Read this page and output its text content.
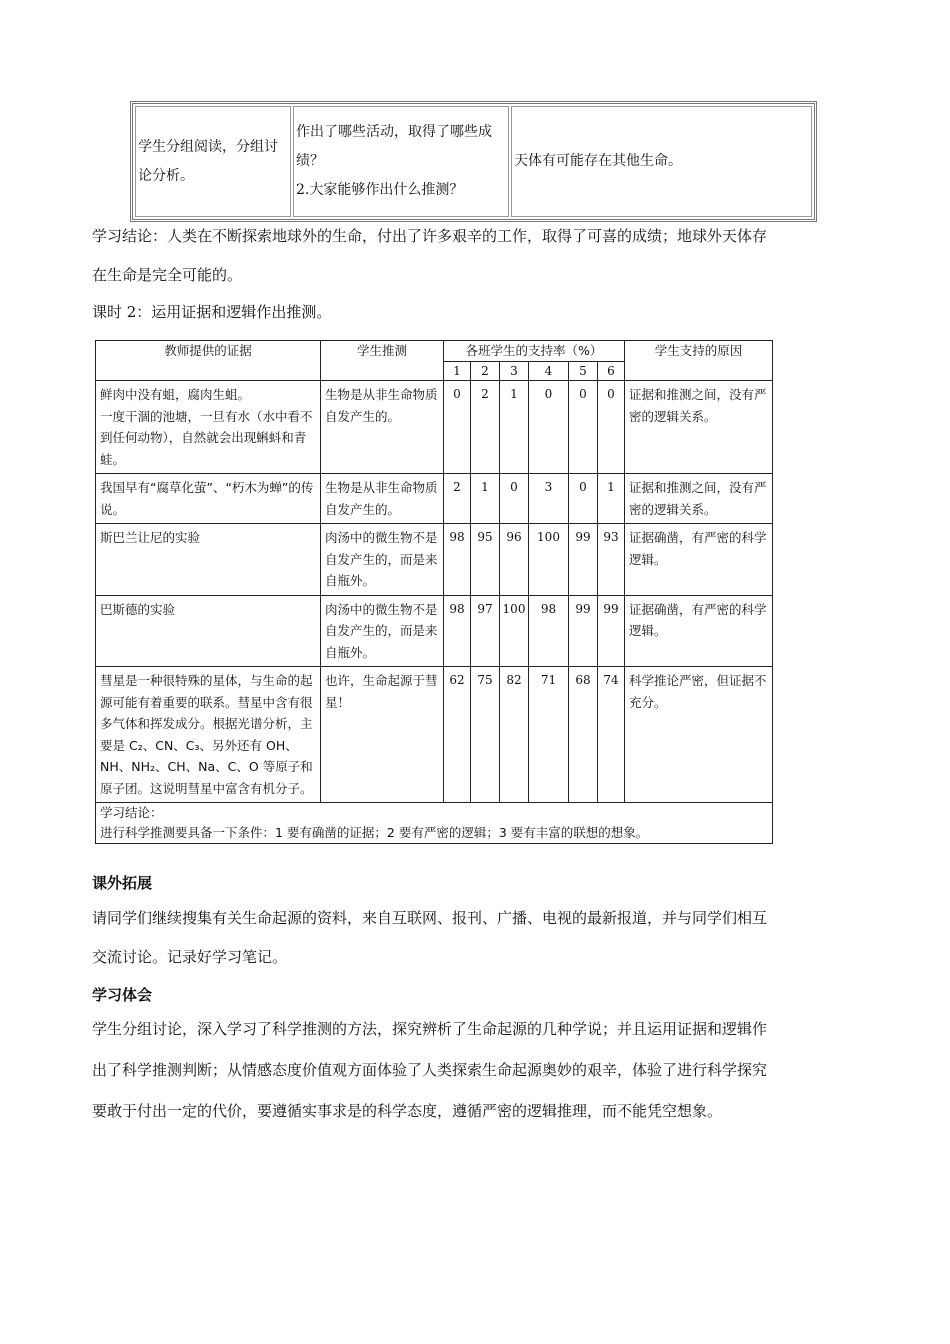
学生分组阅读，分组讨论分析。	作出了哪些活动，取得了哪些成绩？
2.大家能够作出什么推测？	天体有可能存在其他生命。

学习结论：人类在不断探索地球外的生命，付出了许多艰辛的工作，取得了可喜的成绩；地球外天体存

在生命是完全可能的。

课时 2：运用证据和逻辑作出推测。

教师提供的证据	学生推测	各班学生的支持率（%）						学生支持的原因
		1	2	3	4	5	6	
鲜肉中没有蛆，腐肉生蛆。
一度干涸的池塘，一旦有水（水中看不到任何动物），自然就会出现蝌蚪和青蛙。	生物是从非生命物质自发产生的。	0	2	1	0	0	0	证据和推测之间，没有严密的逻辑关系。
我国早有“腐草化萤”、“朽木为蝉”的传说。	生物是从非生命物质自发产生的。	2	1	0	3	0	1	证据和推测之间，没有严密的逻辑关系。
斯巴兰让尼的实验	肉汤中的微生物不是自发产生的，而是来自瓶外。	98	95	96	100	99	93	证据确凿，有严密的科学逻辑。
巴斯德的实验	肉汤中的微生物不是自发产生的，而是来自瓶外。	98	97	100	98	99	99	证据确凿，有严密的科学逻辑。
彗星是一种很特殊的星体，与生命的起源可能有着重要的联系。彗星中含有很多气体和挥发成分。根据光谱分析，主要是 C₂、CN、C₃、另外还有 OH、NH、NH₂、CH、Na、C、O 等原子和原子团。这说明彗星中富含有机分子。	也许，生命起源于彗星！	62	75	82	71	68	74	科学推论严密，但证据不充分。

学习结论：
进行科学推测要具备一下条件：1 要有确凿的证据；2 要有严密的逻辑；3 要有丰富的联想的想象。								

课外拓展

请同学们继续搜集有关生命起源的资料，来自互联网、报刊、广播、电视的最新报道，并与同学们相互

交流讨论。记录好学习笔记。

学习体会

学生分组讨论，深入学习了科学推测的方法，探究辨析了生命起源的几种学说；并且运用证据和逻辑作

出了科学推测判断；从情感态度价值观方面体验了人类探索生命起源奥妙的艰辛，体验了进行科学探究

要敢于付出一定的代价，要遵循实事求是的科学态度，遵循严密的逻辑推理，而不能凭空想象。
